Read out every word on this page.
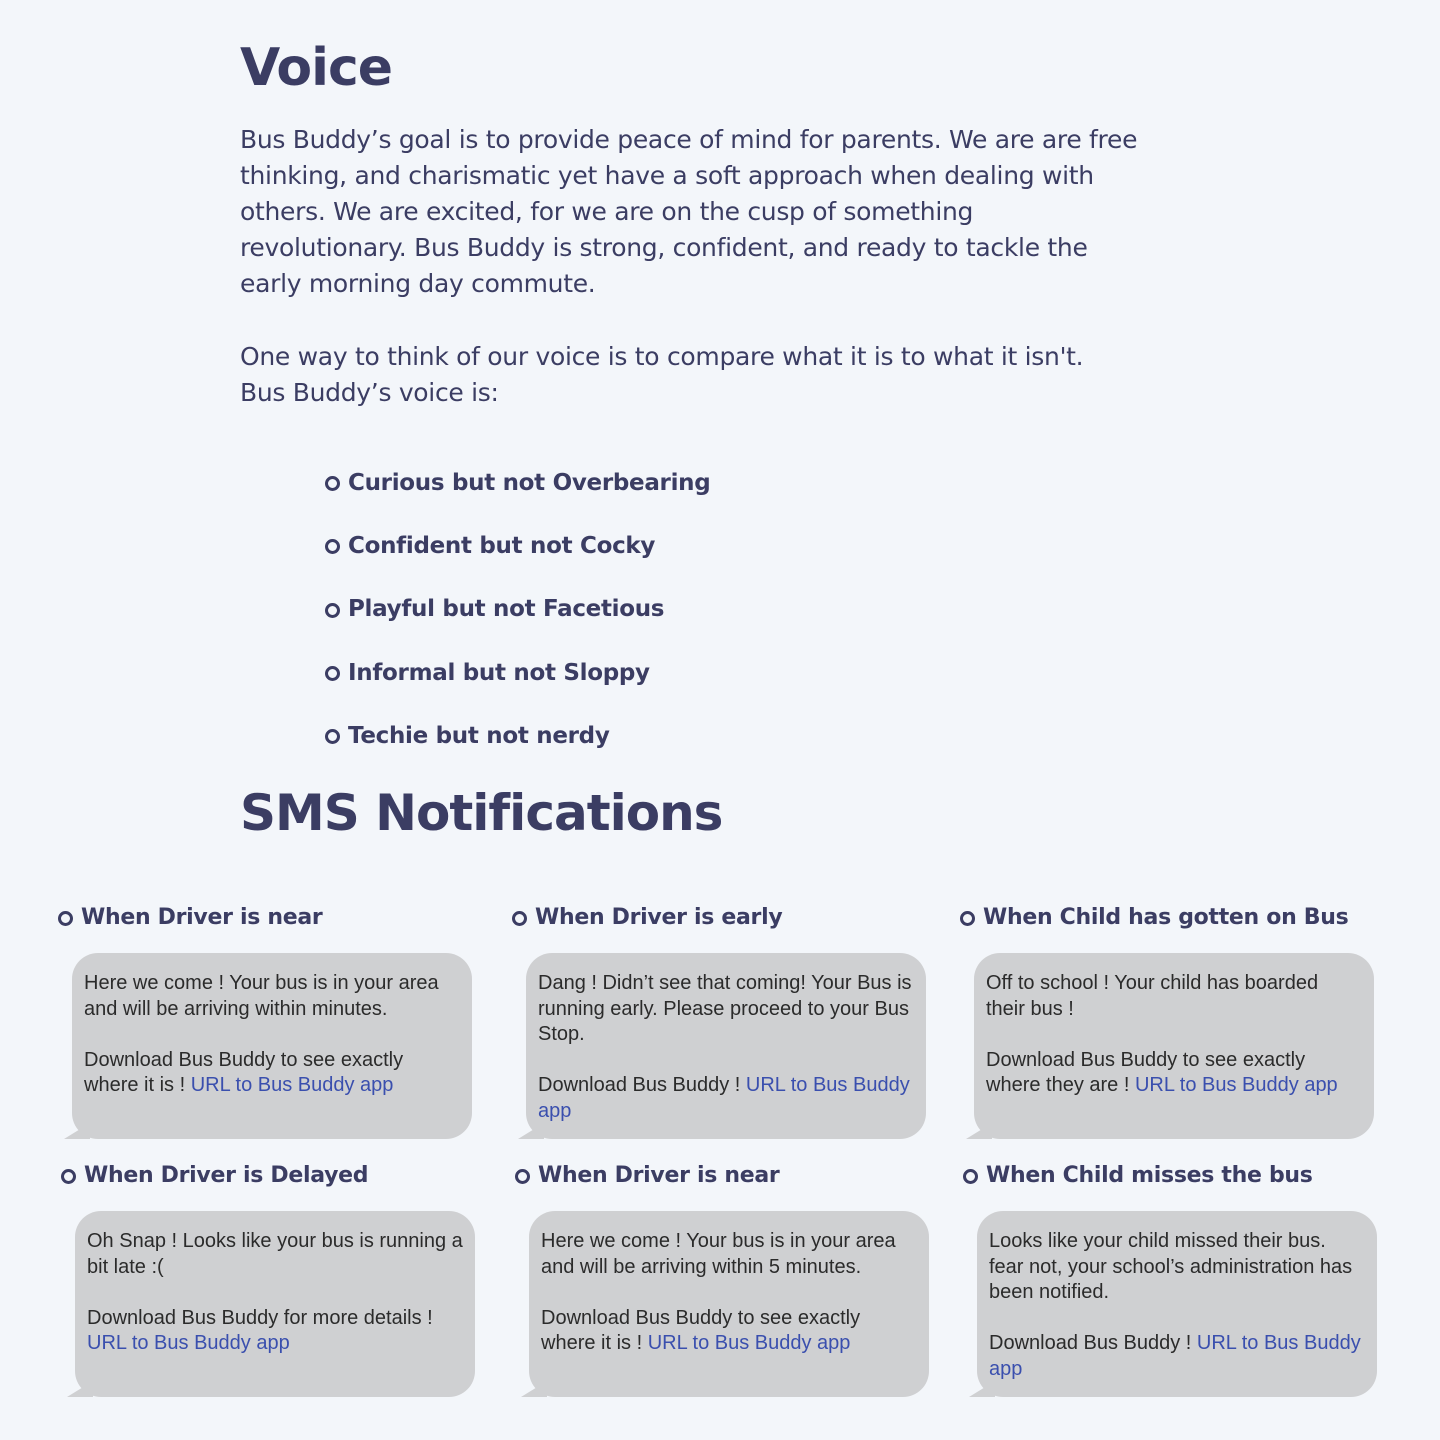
Voice

Bus Buddy’s goal is to provide peace of mind for parents. We are are free thinking, and charismatic yet have a soft approach when dealing with others. We are excited, for we are on the cusp of something revolutionary. Bus Buddy is strong, confident, and ready to tackle the early morning day commute.

One way to think of our voice is to compare what it is to what it isn't.
Bus Buddy’s voice is:

Curious but not Overbearing
Confident but not Cocky
Playful but not Facetious
Informal but not Sloppy
Techie but not nerdy
SMS Notifications
When Driver is near

Here we come ! Your bus is in your area and will be arriving within minutes.

Download Bus Buddy to see exactly where it is ! URL to Bus Buddy app

When Driver is early

Dang ! Didn’t see that coming! Your Bus is running early. Please proceed to your Bus Stop.

Download Bus Buddy ! URL to Bus Buddy app

When Child has gotten on Bus

Off to school ! Your child has boarded their bus !

Download Bus Buddy to see exactly where they are ! URL to Bus Buddy app

When Driver is Delayed

Oh Snap ! Looks like your bus is running a bit late :(

Download Bus Buddy for more details ! URL to Bus Buddy app

When Driver is near

Here we come ! Your bus is in your area and will be arriving within 5 minutes.

Download Bus Buddy to see exactly where it is ! URL to Bus Buddy app

When Child misses the bus

Looks like your child missed their bus. fear not, your school’s administration has been notified.

Download Bus Buddy ! URL to Bus Buddy app
